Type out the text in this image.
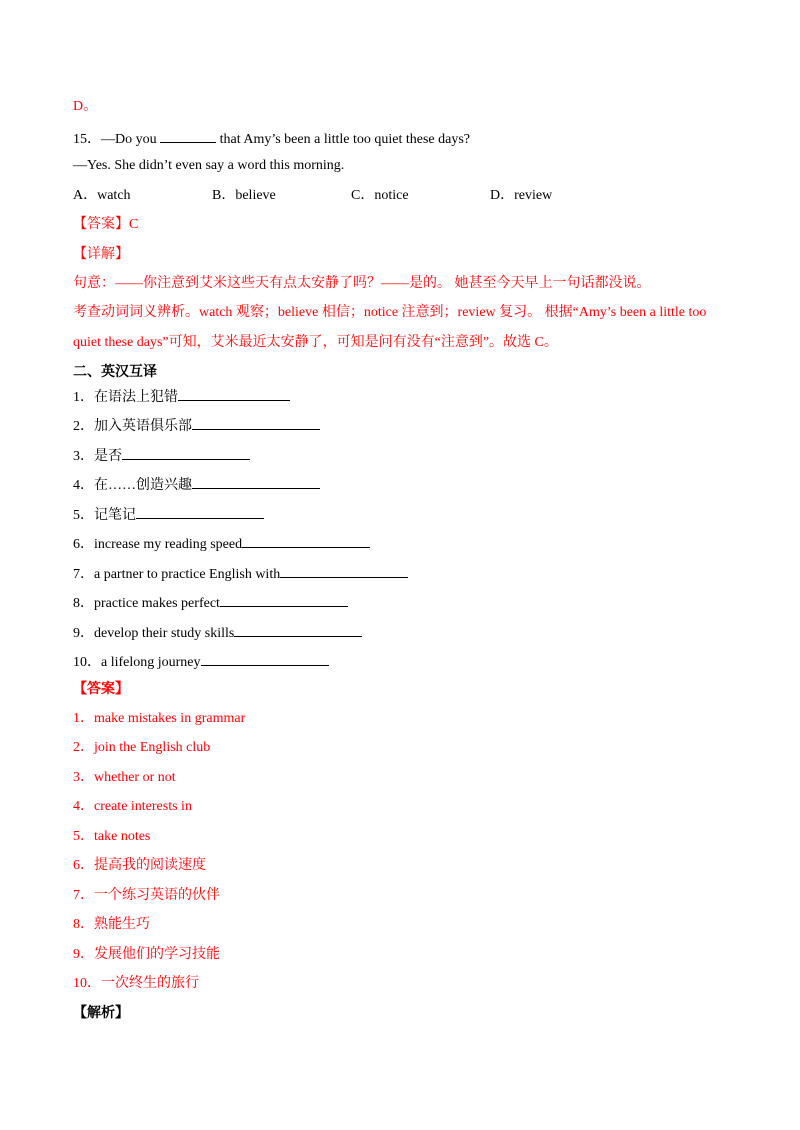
D。
15．—Do you	that Amy’s been a little too quiet these days?
—Yes. She didn’t even say a word this morning.
A．watch	B．believe	C．notice	D．review
【答案】C
【详解】
句意：——你注意到艾米这些天有点太安静了吗？——是的。 她甚至今天早上一句话都没说。
考查动词词义辨析。watch 观察；believe 相信；notice 注意到；review 复习。 根据“Amy’s been a little too
quiet these days”可知，艾米最近太安静了，可知是问有没有“注意到”。故选 C。
二、英汉互译
1．在语法上犯错
2．加入英语俱乐部
3．是否
4．在……创造兴趣
5．记笔记
6．increase my reading speed
7．a partner to practice English with
8．practice makes perfect
9．develop their study skills
10．a lifelong journey
【答案】
1．make mistakes in grammar
2．join the English club
3．whether or not
4．create interests in
5．take notes
6．提高我的阅读速度
7．一个练习英语的伙伴
8．熟能生巧
9．发展他们的学习技能
10．一次终生的旅行
【解析】
